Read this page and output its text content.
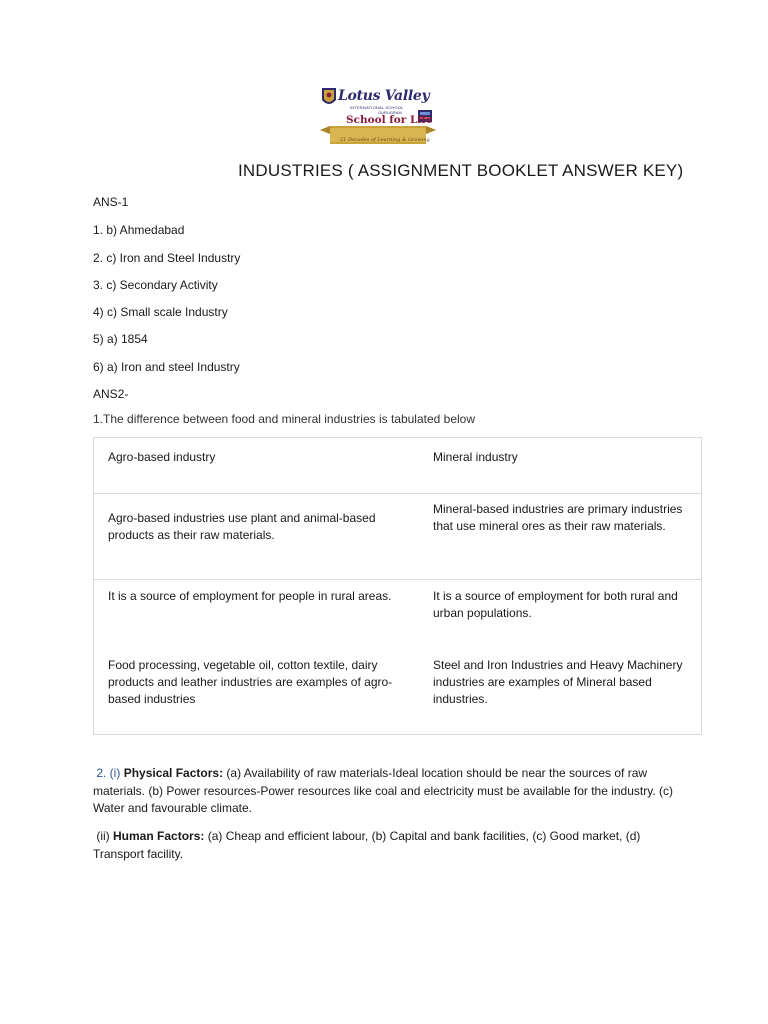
Lotus Valley
INTERNATIONAL SCHOOL
GURUGRAM
School for Life
21 Decades of Learning & Growing
INDUSTRIES ( ASSIGNMENT BOOKLET ANSWER KEY)
ANS-1
1. b) Ahmedabad
2. c) Iron and Steel Industry
3. c) Secondary Activity
4) c) Small scale Industry
5) a) 1854
6) a) Iron and steel Industry
ANS2-
1.The difference between food and mineral industries is tabulated below
Agro-based industry	Mineral industry
Agro-based industries use plant and animal-based products as their raw materials.
Mineral-based industries are primary industries that use mineral ores as their raw materials.
It is a source of employment for people in rural areas.	It is a source of employment for both rural and urban populations.
Food processing, vegetable oil, cotton textile, dairy products and leather industries are examples of agro-based industries
Steel and Iron Industries and Heavy Machinery industries are examples of Mineral based industries.
2. (i) Physical Factors: (a) Availability of raw materials-Ideal location should be near the sources of raw materials. (b) Power resources-Power resources like coal and electricity must be available for the industry. (c) Water and favourable climate.
(ii) Human Factors: (a) Cheap and efficient labour, (b) Capital and bank facilities, (c) Good market, (d) Transport facility.
